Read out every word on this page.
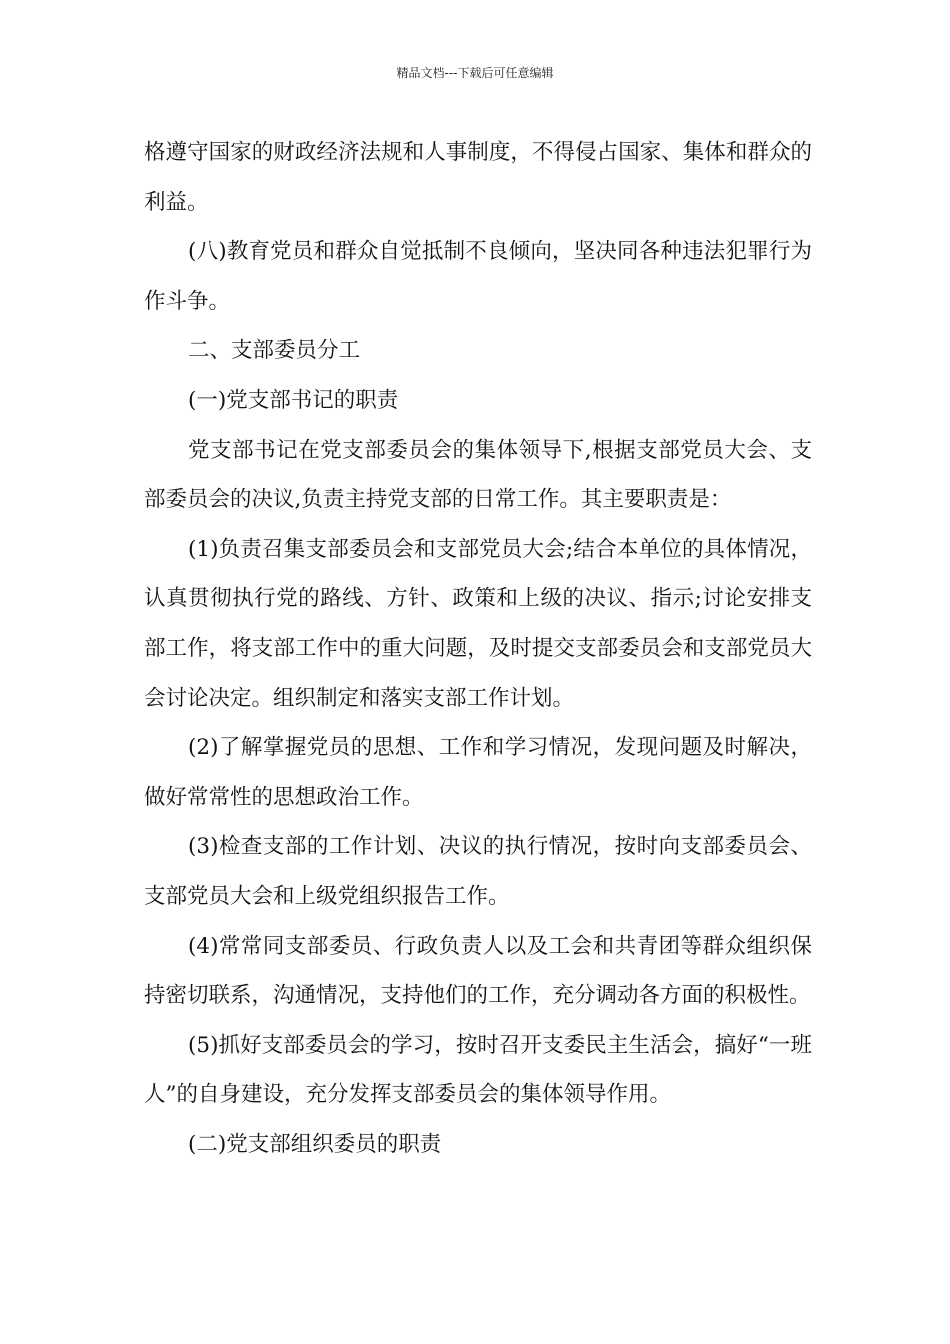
精品文档---下载后可任意编辑

格遵守国家的财政经济法规和人事制度，不得侵占国家、集体和群众的利益。

(八)教育党员和群众自觉抵制不良倾向，坚决同各种违法犯罪行为作斗争。

二、支部委员分工

(一)党支部书记的职责

党支部书记在党支部委员会的集体领导下,根据支部党员大会、支部委员会的决议,负责主持党支部的日常工作。其主要职责是：

(1)负责召集支部委员会和支部党员大会;结合本单位的具体情况，认真贯彻执行党的路线、方针、政策和上级的决议、指示;讨论安排支部工作，将支部工作中的重大问题，及时提交支部委员会和支部党员大会讨论决定。组织制定和落实支部工作计划。

(2)了解掌握党员的思想、工作和学习情况，发现问题及时解决，做好常常性的思想政治工作。

(3)检查支部的工作计划、决议的执行情况，按时向支部委员会、支部党员大会和上级党组织报告工作。

(4)常常同支部委员、行政负责人以及工会和共青团等群众组织保持密切联系，沟通情况，支持他们的工作，充分调动各方面的积极性。

(5)抓好支部委员会的学习，按时召开支委民主生活会，搞好“一班人”的自身建设，充分发挥支部委员会的集体领导作用。

(二)党支部组织委员的职责
